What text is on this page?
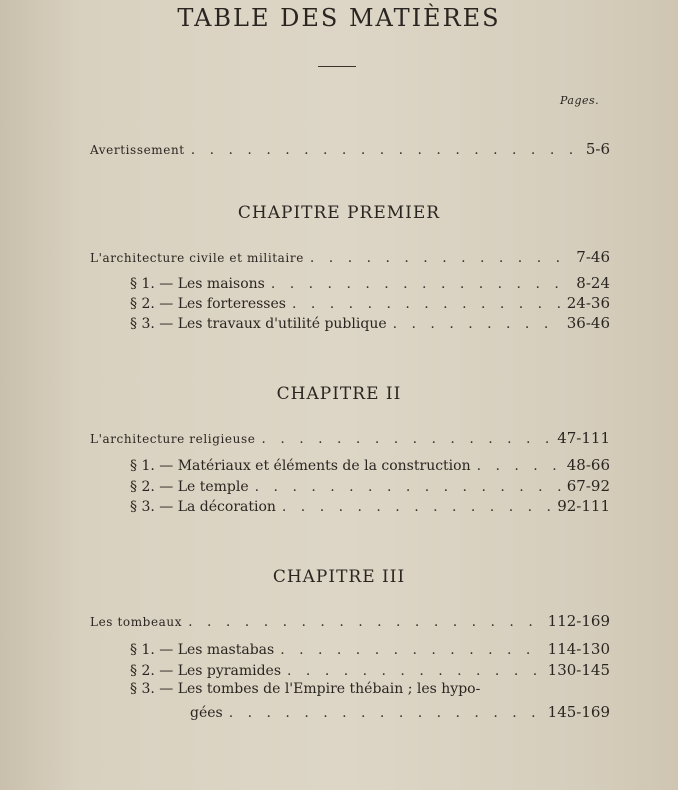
TABLE DES MATIÈRES
Pages.
Avertissement . . .	5-6
CHAPITRE PREMIER
L'architecture civile et militaire . . .	7-46
§ 1. — Les maisons . . .	8-24
§ 2. — Les forteresses . . .	24-36
§ 3. — Les travaux d'utilité publique . . .	36-46
CHAPITRE II
L'architecture religieuse . . .	47-111
§ 1. — Matériaux et éléments de la construction . . .	48-66
§ 2. — Le temple . . .	67-92
§ 3. — La décoration . . .	92-111
CHAPITRE III
Les tombeaux . . .	112-169
§ 1. — Les mastabas . . .	114-130
§ 2. — Les pyramides . . .	130-145
§ 3. — Les tombes de l'Empire thébain ; les hypo-
gées . . .	145-169
